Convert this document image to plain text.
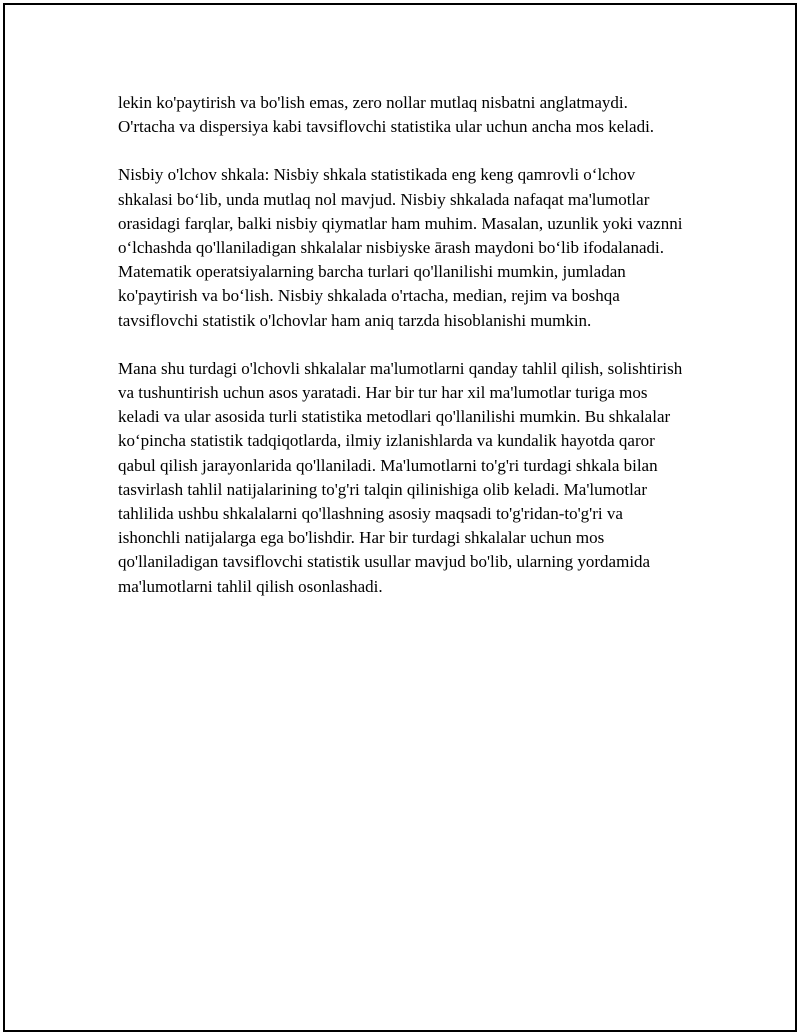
lekin ko'paytirish va bo'lish emas, zero nollar mutlaq nisbatni anglatmaydi. O'rtacha va dispersiya kabi tavsiflovchi statistika ular uchun ancha mos keladi.

Nisbiy o'lchov shkala: Nisbiy shkala statistikada eng keng qamrovli o‘lchov shkalasi bo‘lib, unda mutlaq nol mavjud. Nisbiy shkalada nafaqat ma'lumotlar orasidagi farqlar, balki nisbiy qiymatlar ham muhim. Masalan, uzunlik yoki vaznni o‘lchashda qo'llaniladigan shkalalar nisbiyske ārash maydoni bo‘lib ifodalanadi. Matematik operatsiyalarning barcha turlari qo'llanilishi mumkin, jumladan ko'paytirish va bo‘lish. Nisbiy shkalada o'rtacha, median, rejim va boshqa tavsiflovchi statistik o'lchovlar ham aniq tarzda hisoblanishi mumkin.

Mana shu turdagi o'lchovli shkalalar ma'lumotlarni qanday tahlil qilish, solishtirish va tushuntirish uchun asos yaratadi. Har bir tur har xil ma'lumotlar turiga mos keladi va ular asosida turli statistika metodlari qo'llanilishi mumkin. Bu shkalalar ko‘pincha statistik tadqiqotlarda, ilmiy izlanishlarda va kundalik hayotda qaror qabul qilish jarayonlarida qo'llaniladi. Ma'lumotlarni to'g'ri turdagi shkala bilan tasvirlash tahlil natijalarining to'g'ri talqin qilinishiga olib keladi. Ma'lumotlar tahlilida ushbu shkalalarni qo'llashning asosiy maqsadi to'g'ridan-to'g'ri va ishonchli natijalarga ega bo'lishdir. Har bir turdagi shkalalar uchun mos qo'llaniladigan tavsiflovchi statistik usullar mavjud bo'lib, ularning yordamida ma'lumotlarni tahlil qilish osonlashadi.
